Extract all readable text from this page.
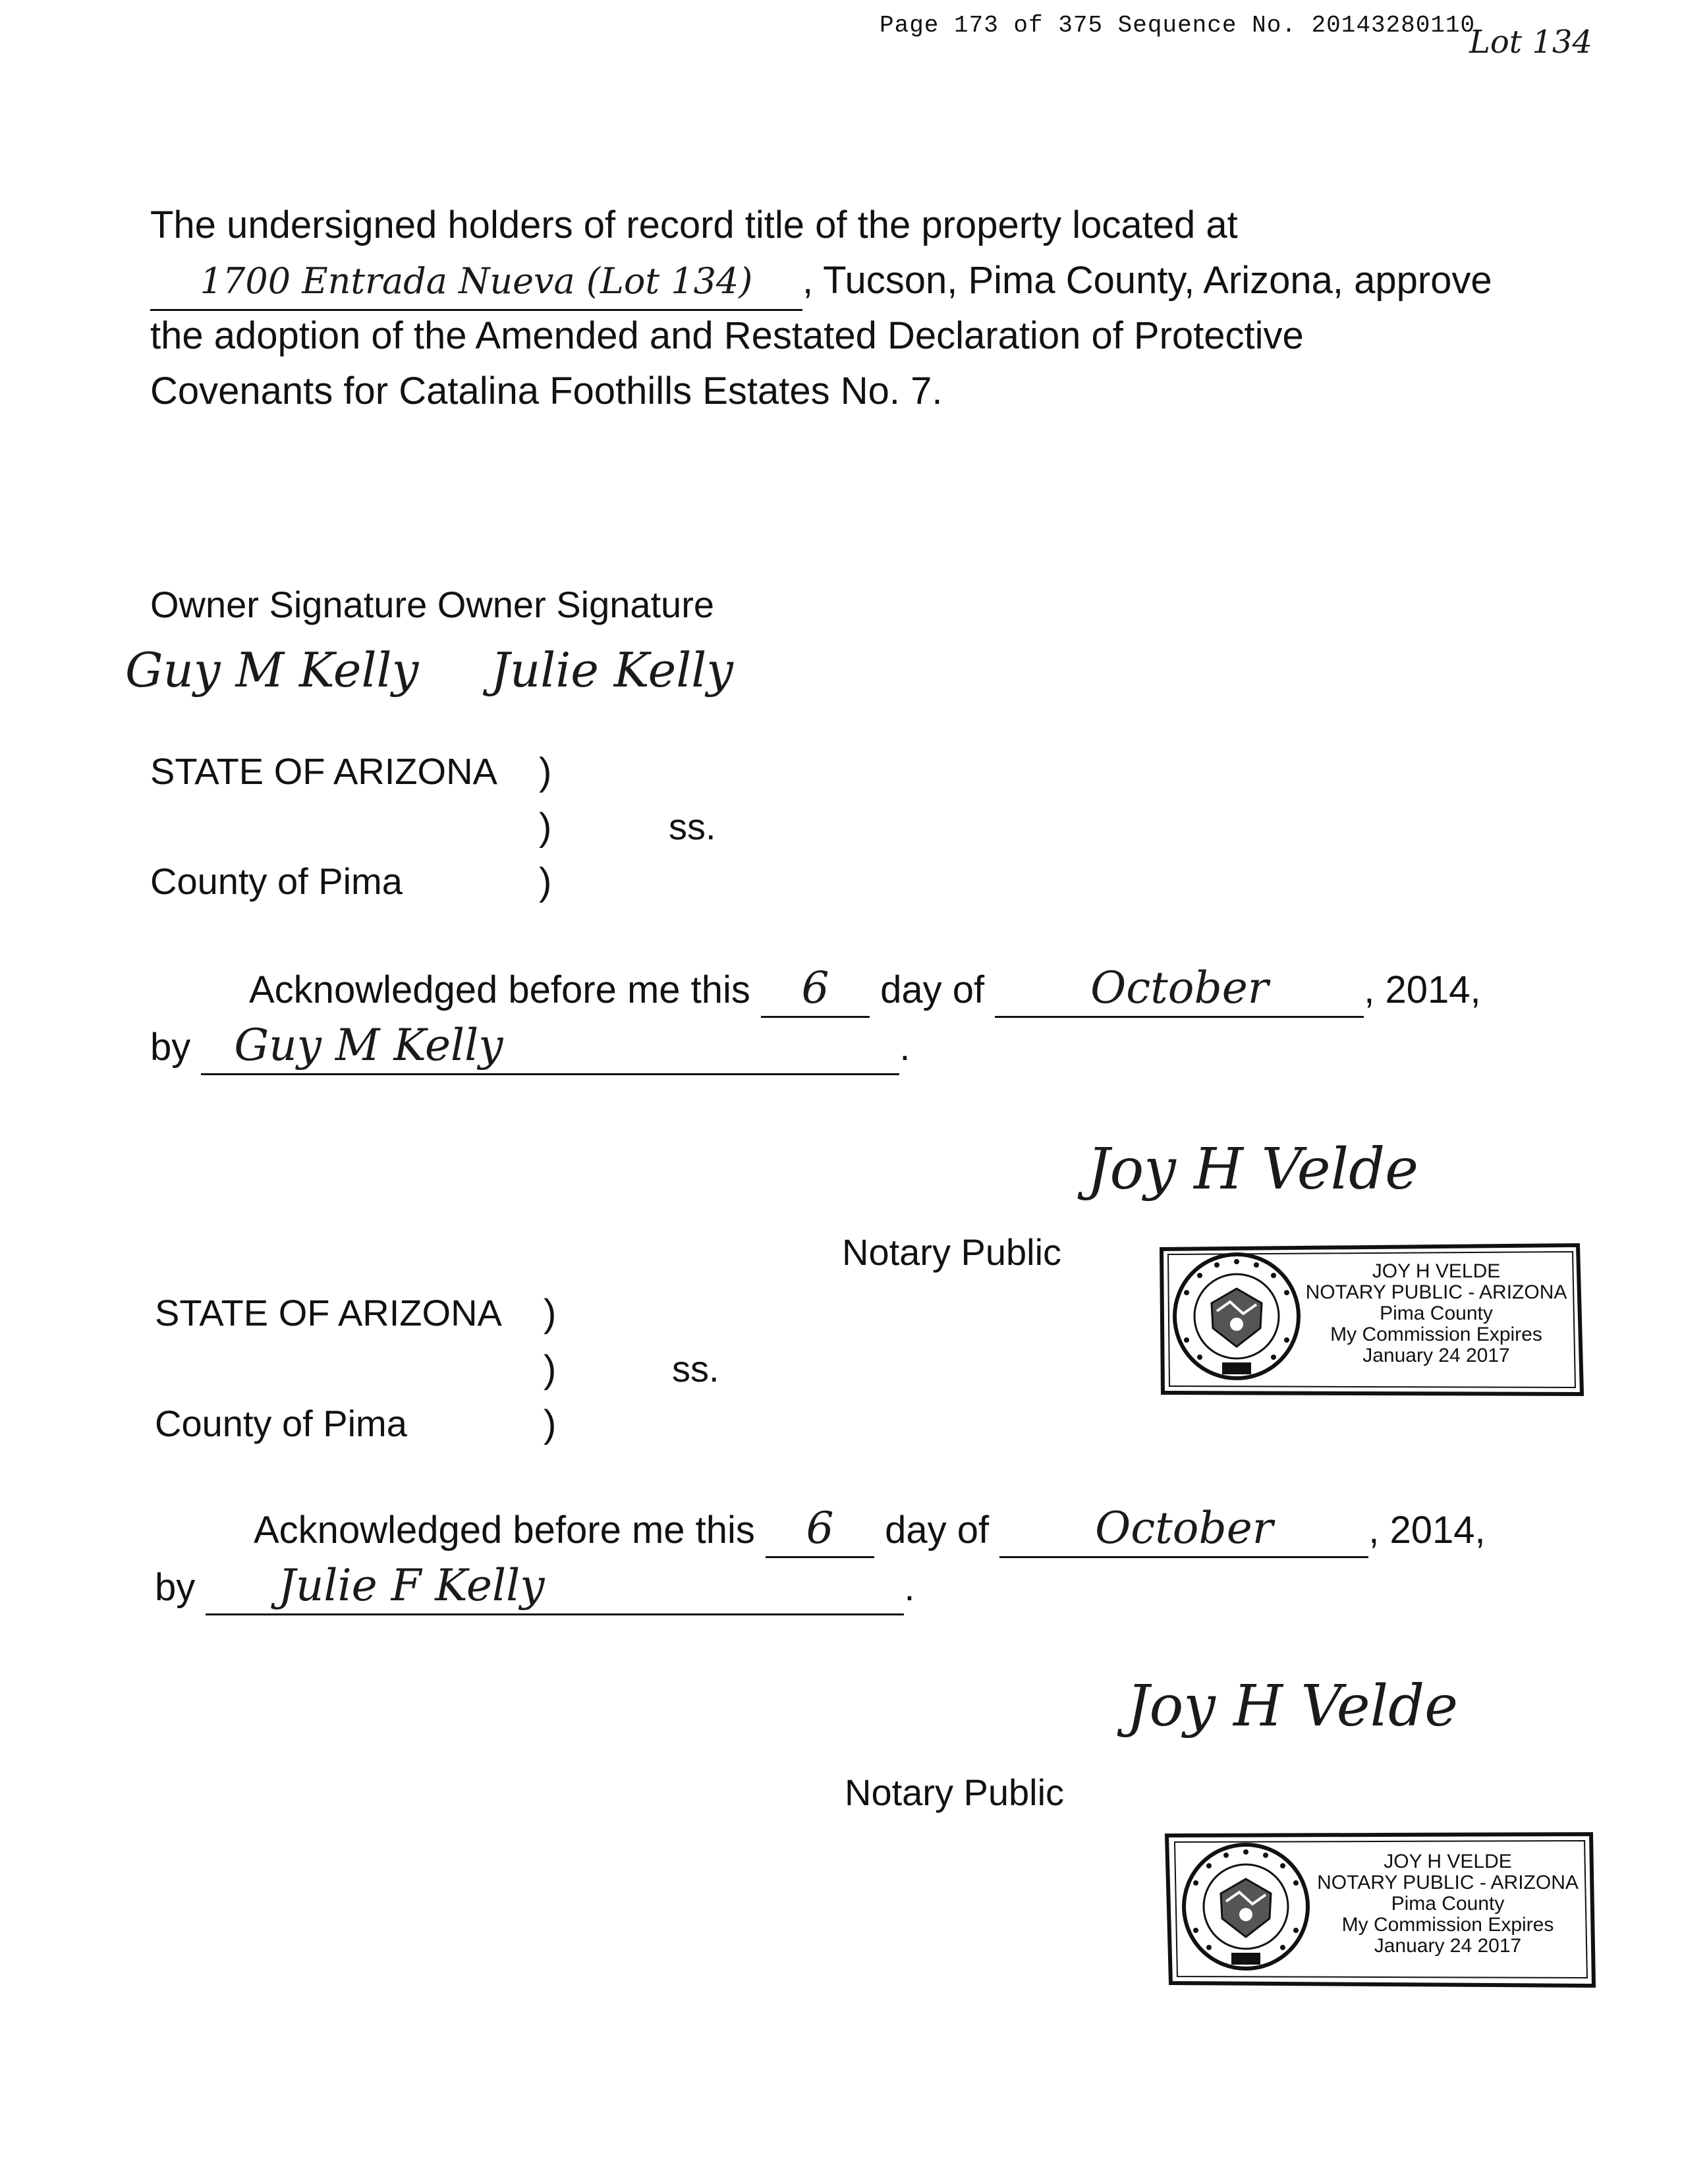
Page 173 of 375 Sequence No. 20143280110
Lot 134
The undersigned holders of record title of the property located at
1700 Entrada Nueva (Lot 134) , Tucson, Pima County, Arizona, approve
the adoption of the Amended and Restated Declaration of Protective
Covenants for Catalina Foothills Estates No. 7.
Owner Signature Owner Signature
Guy M Kelly Julie Kelly
STATE OF ARIZONA )
)	ss.
County of Pima	)
Acknowledged before me this 6 day of October , 2014,
by Guy M Kelly	.
Joy H Velde
Notary Public	JOY H VELDE
NOTARY PUBLIC - ARIZONA
Pima County
My Commission Expires
January 24 2017
STATE OF ARIZONA )
)	ss.
County of Pima	)
Acknowledged before me this 6 day of October , 2014,
by Julie F Kelly	.
Joy H Velde
Notary Public
JOY H VELDE
NOTARY PUBLIC - ARIZONA
Pima County
My Commission Expires
January 24 2017
